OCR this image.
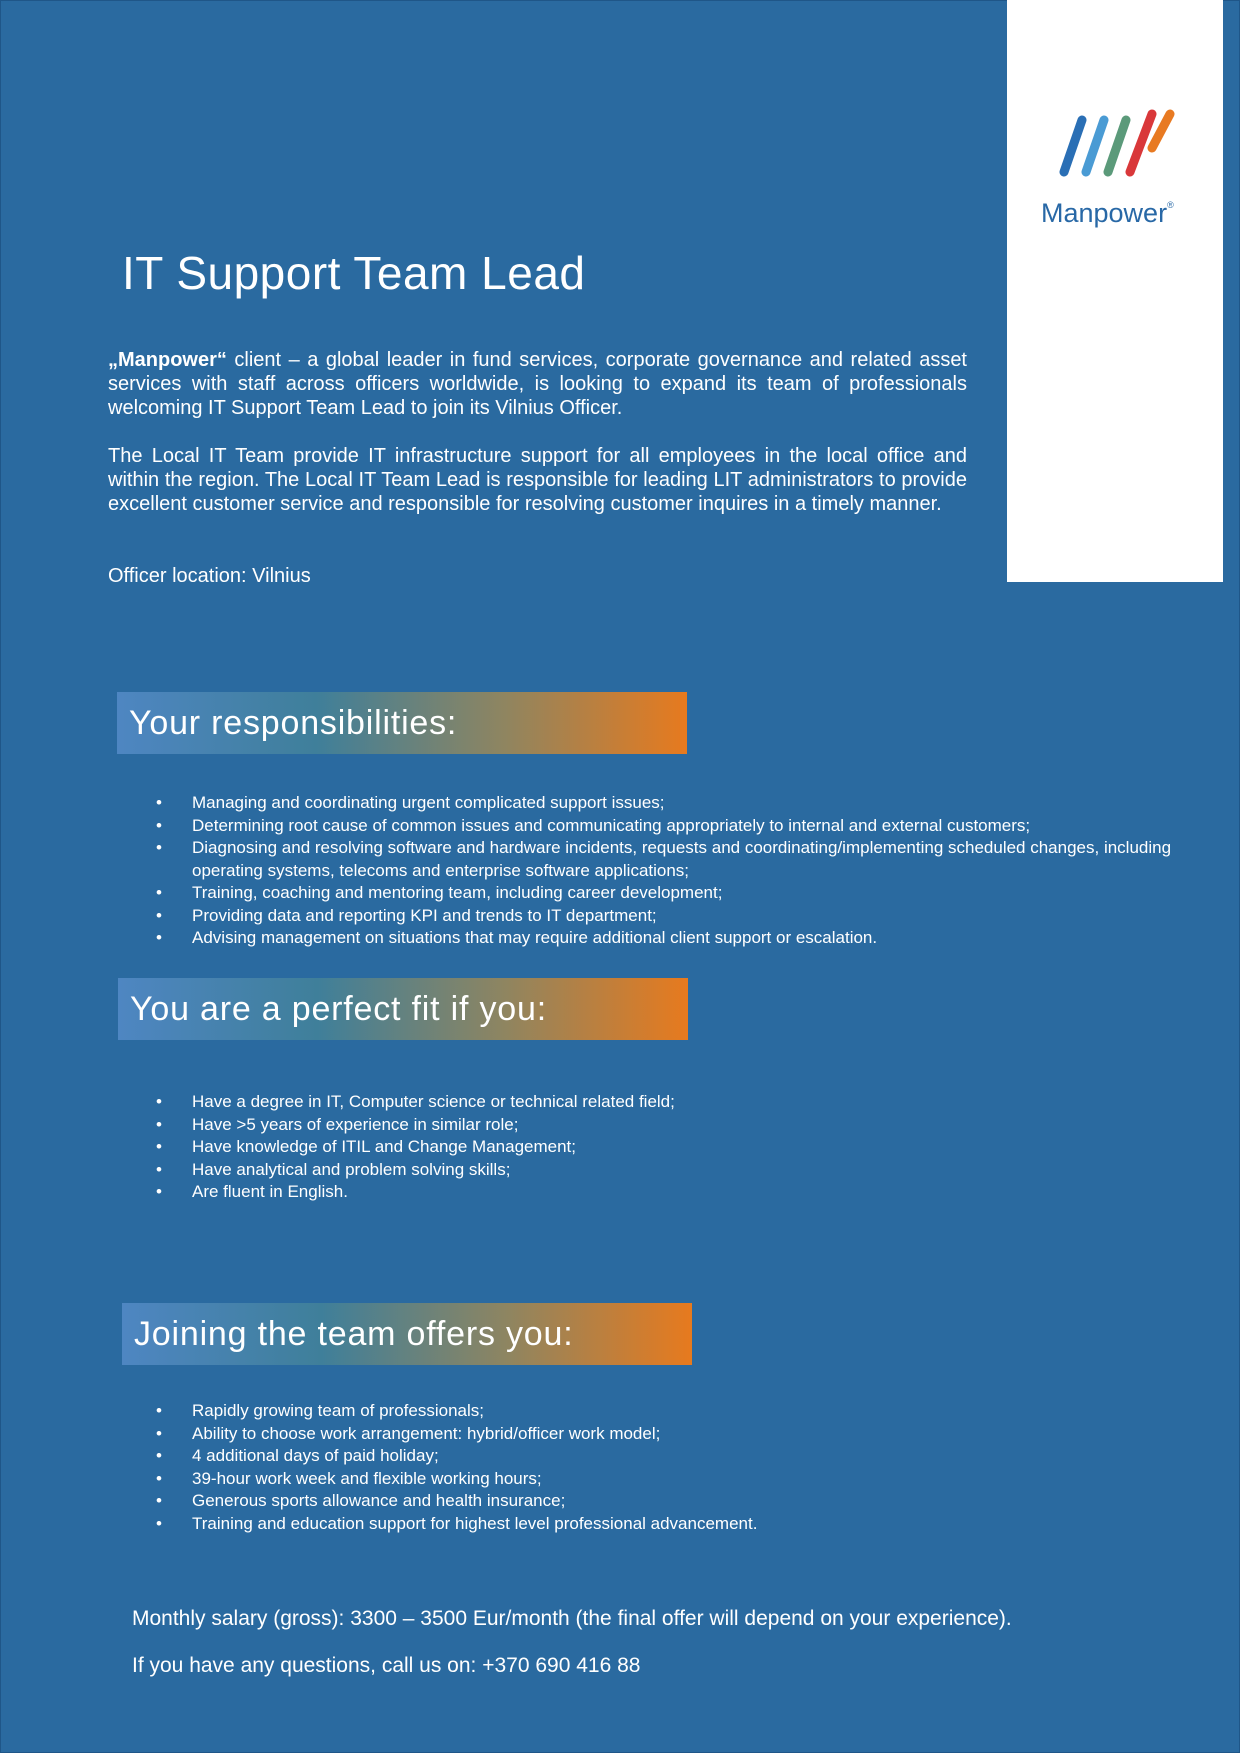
Manpower®
IT Support Team Lead

„Manpower“ client – a global leader in fund services, corporate governance and related asset services with staff across officers worldwide, is looking to expand its team of professionals welcoming IT Support Team Lead to join its Vilnius Officer.

The Local IT Team provide IT infrastructure support for all employees in the local office and within the region. The Local IT Team Lead is responsible for leading LIT administrators to provide excellent customer service and responsible for resolving customer inquires in a timely manner.

Officer location: Vilnius

Your responsibilities:
• Managing and coordinating urgent complicated support issues;
• Determining root cause of common issues and communicating appropriately to internal and external customers;
• Diagnosing and resolving software and hardware incidents, requests and coordinating/implementing scheduled changes, including operating systems, telecoms and enterprise software applications;
• Training, coaching and mentoring team, including career development;
• Providing data and reporting KPI and trends to IT department;
• Advising management on situations that may require additional client support or escalation.
You are a perfect fit if you:
• Have a degree in IT, Computer science or technical related field;
• Have >5 years of experience in similar role;
• Have knowledge of ITIL and Change Management;
• Have analytical and problem solving skills;
• Are fluent in English.
Joining the team offers you:
• Rapidly growing team of professionals;
• Ability to choose work arrangement: hybrid/officer work model;
• 4 additional days of paid holiday;
• 39-hour work week and flexible working hours;
• Generous sports allowance and health insurance;
• Training and education support for highest level professional advancement.

Monthly salary (gross): 3300 – 3500 Eur/month (the final offer will depend on your experience).

If you have any questions, call us on: +370 690 416 88
